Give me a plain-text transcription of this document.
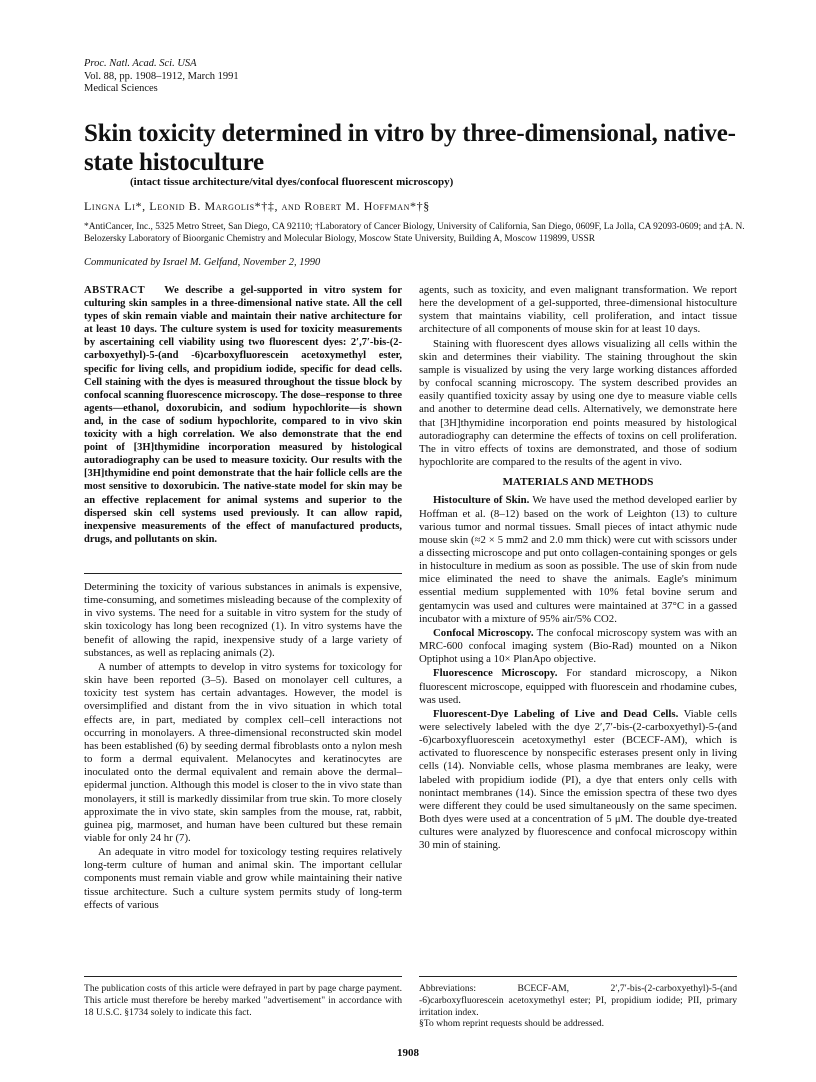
Proc. Natl. Acad. Sci. USA
Vol. 88, pp. 1908–1912, March 1991
Medical Sciences
Skin toxicity determined in vitro by three-dimensional, native-state histoculture
(intact tissue architecture/vital dyes/confocal fluorescent microscopy)
Lingna Li*, Leonid B. Margolis*†‡, and Robert M. Hoffman*†§
*AntiCancer, Inc., 5325 Metro Street, San Diego, CA 92110; †Laboratory of Cancer Biology, University of California, San Diego, 0609F, La Jolla, CA 92093-0609; and ‡A. N. Belozersky Laboratory of Bioorganic Chemistry and Molecular Biology, Moscow State University, Building A, Moscow 119899, USSR
Communicated by Israel M. Gelfand, November 2, 1990
ABSTRACT We describe a gel-supported in vitro system for culturing skin samples in a three-dimensional native state. All the cell types of skin remain viable and maintain their native architecture for at least 10 days. The culture system is used for toxicity measurements by ascertaining cell viability using two fluorescent dyes: 2′,7′-bis-(2-carboxyethyl)-5-(and -6)carboxyfluorescein acetoxymethyl ester, specific for living cells, and propidium iodide, specific for dead cells. Cell staining with the dyes is measured throughout the tissue block by confocal scanning fluorescence microscopy. The dose–response to three agents—ethanol, doxorubicin, and sodium hypochlorite—is shown and, in the case of sodium hypochlorite, compared to in vivo skin toxicity with a high correlation. We also demonstrate that the end point of [3H]thymidine incorporation measured by histological autoradiography can be used to measure toxicity. Our results with the [3H]thymidine end point demonstrate that the hair follicle cells are the most sensitive to doxorubicin. The native-state model for skin may be an effective replacement for animal systems and superior to the dispersed skin cell systems used previously. It can allow rapid, inexpensive measurements of the effect of manufactured products, drugs, and pollutants on skin.

Determining the toxicity of various substances in animals is expensive, time-consuming, and sometimes misleading because of the complexity of in vivo systems. The need for a suitable in vitro system for the study of skin toxicology has long been recognized (1). In vitro systems have the benefit of allowing the rapid, inexpensive study of a large variety of substances, as well as replacing animals (2).

A number of attempts to develop in vitro systems for toxicology for skin have been reported (3–5). Based on monolayer cell cultures, a toxicity test system has certain advantages. However, the model is oversimplified and distant from the in vivo situation in which total effects are, in part, mediated by complex cell–cell interactions not occurring in monolayers. A three-dimensional reconstructed skin model has been established (6) by seeding dermal fibroblasts onto a nylon mesh to form a dermal equivalent. Melanocytes and keratinocytes are inoculated onto the dermal equivalent and remain above the dermal–epidermal junction. Although this model is closer to the in vivo state than monolayers, it still is markedly dissimilar from true skin. To more closely approximate the in vivo state, skin samples from the mouse, rat, rabbit, guinea pig, marmoset, and human have been cultured but these remain viable for only 24 hr (7).

An adequate in vitro model for toxicology testing requires relatively long-term culture of human and animal skin. The important cellular components must remain viable and grow while maintaining their native tissue architecture. Such a culture system permits study of long-term effects of various

agents, such as toxicity, and even malignant transformation. We report here the development of a gel-supported, three-dimensional histoculture system that maintains viability, cell proliferation, and intact tissue architecture of all components of mouse skin for at least 10 days.

Staining with fluorescent dyes allows visualizing all cells within the skin and determines their viability. The staining throughout the skin sample is visualized by using the very large working distances afforded by confocal scanning microscopy. The system described provides an easily quantified toxicity assay by using one dye to measure viable cells and another to determine dead cells. Alternatively, we demonstrate here that [3H]thymidine incorporation end points measured by histological autoradiography can determine the effects of toxins on cell proliferation. The in vitro effects of toxins are demonstrated, and those of sodium hypochlorite are compared to the results of the agent in vivo.

MATERIALS AND METHODS

Histoculture of Skin. We have used the method developed earlier by Hoffman et al. (8–12) based on the work of Leighton (13) to culture various tumor and normal tissues. Small pieces of intact athymic nude mouse skin (≈2 × 5 mm2 and 2.0 mm thick) were cut with scissors under a dissecting microscope and put onto collagen-containing sponges or gels in histoculture in medium as soon as possible. The use of skin from nude mice eliminated the need to shave the animals. Eagle's minimum essential medium supplemented with 10% fetal bovine serum and gentamycin was used and cultures were maintained at 37°C in a gassed incubator with a mixture of 95% air/5% CO2.

Confocal Microscopy. The confocal microscopy system was with an MRC-600 confocal imaging system (Bio-Rad) mounted on a Nikon Optiphot using a 10× PlanApo objective.

Fluorescence Microscopy. For standard microscopy, a Nikon fluorescent microscope, equipped with fluorescein and rhodamine cubes, was used.

Fluorescent-Dye Labeling of Live and Dead Cells. Viable cells were selectively labeled with the dye 2′,7′-bis-(2-carboxyethyl)-5-(and -6)carboxyfluorescein acetoxymethyl ester (BCECF-AM), which is activated to fluorescence by nonspecific esterases present only in living cells (14). Nonviable cells, whose plasma membranes are leaky, were labeled with propidium iodide (PI), a dye that enters only cells with nonintact membranes (14). Since the emission spectra of these two dyes were different they could be used simultaneously on the same specimen. Both dyes were used at a concentration of 5 μM. The double dye-treated cultures were analyzed by fluorescence and confocal microscopy within 30 min of staining.

The publication costs of this article were defrayed in part by page charge payment. This article must therefore be hereby marked "advertisement" in accordance with 18 U.S.C. §1734 solely to indicate this fact.
Abbreviations: BCECF-AM, 2′,7′-bis-(2-carboxyethyl)-5-(and -6)carboxyfluorescein acetoxymethyl ester; PI, propidium iodide; PII, primary irritation index.
§To whom reprint requests should be addressed.
1908
